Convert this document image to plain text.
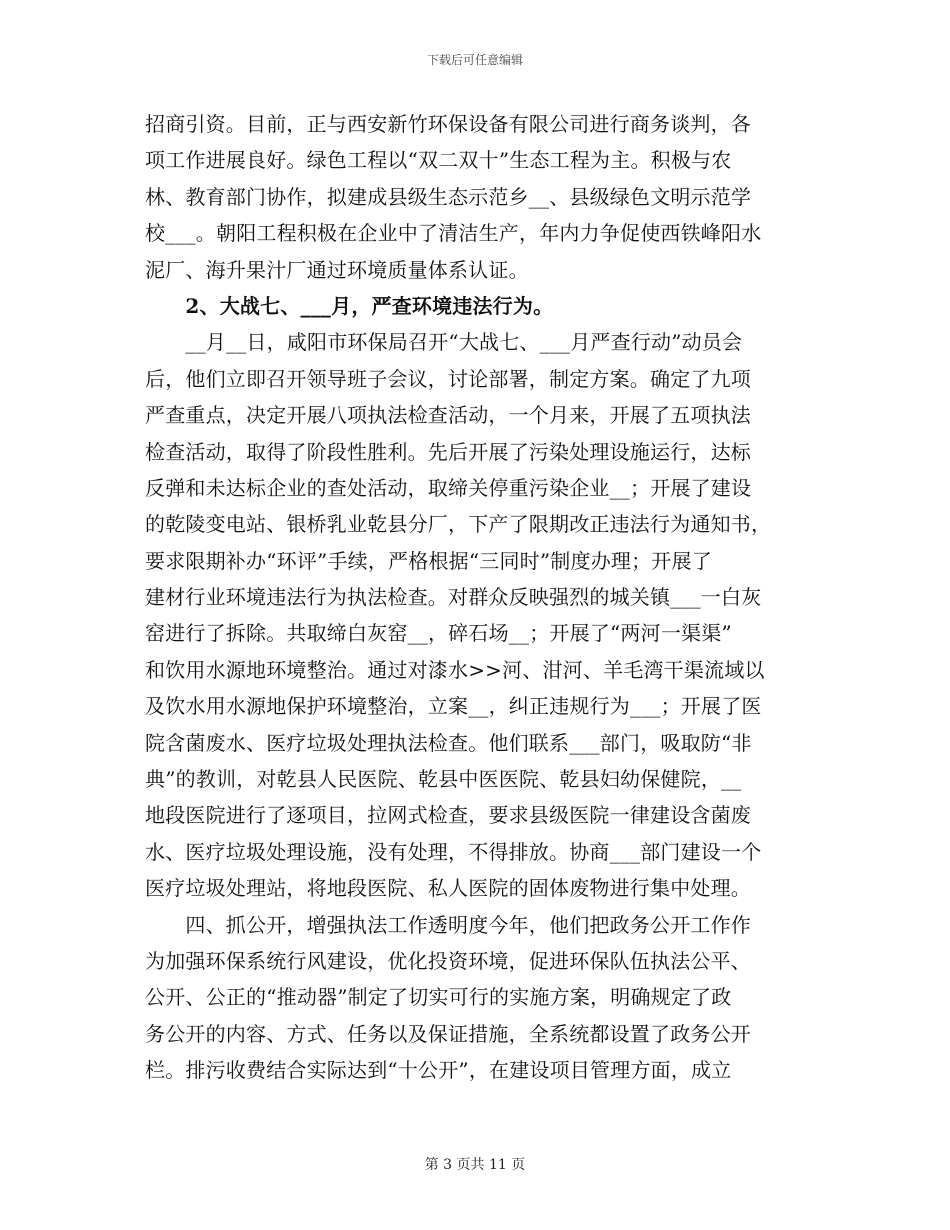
下载后可任意编辑
招商引资。目前，正与西安新竹环保设备有限公司进行商务谈判，各
项工作进展良好。绿色工程以“双二双十”生态工程为主。积极与农
林、教育部门协作，拟建成县级生态示范乡__、县级绿色文明示范学
校___。朝阳工程积极在企业中了清洁生产，年内力争促使西铁峰阳水
泥厂、海升果汁厂通过环境质量体系认证。
　　2、大战七、___月，严查环境违法行为。
　　__月__日，咸阳市环保局召开“大战七、___月严查行动”动员会
后，他们立即召开领导班子会议，讨论部署，制定方案。确定了九项
严查重点，决定开展八项执法检查活动，一个月来，开展了五项执法
检查活动，取得了阶段性胜利。先后开展了污染处理设施运行，达标
反弹和未达标企业的查处活动，取缔关停重污染企业__；开展了建设
的乾陵变电站、银桥乳业乾县分厂，下产了限期改正违法行为通知书，
要求限期补办“环评”手续，严格根据“三同时”制度办理；开展了
建材行业环境违法行为执法检查。对群众反映强烈的城关镇___一白灰
窑进行了拆除。共取缔白灰窑__，碎石场__；开展了“两河一渠渠”
和饮用水源地环境整治。通过对漆水>>河、泔河、羊毛湾干渠流域以
及饮水用水源地保护环境整治，立案__，纠正违规行为___；开展了医
院含菌废水、医疗垃圾处理执法检查。他们联系___部门，吸取防“非
典”的教训，对乾县人民医院、乾县中医医院、乾县妇幼保健院，__
地段医院进行了逐项目，拉网式检查，要求县级医院一律建设含菌废
水、医疗垃圾处理设施，没有处理，不得排放。协商___部门建设一个
医疗垃圾处理站，将地段医院、私人医院的固体废物进行集中处理。
　　四、抓公开，增强执法工作透明度今年，他们把政务公开工作作
为加强环保系统行风建设，优化投资环境，促进环保队伍执法公平、
公开、公正的“推动器”制定了切实可行的实施方案，明确规定了政
务公开的内容、方式、任务以及保证措施，全系统都设置了政务公开
栏。排污收费结合实际达到“十公开”，在建设项目管理方面，成立
第 3 页共 11 页
